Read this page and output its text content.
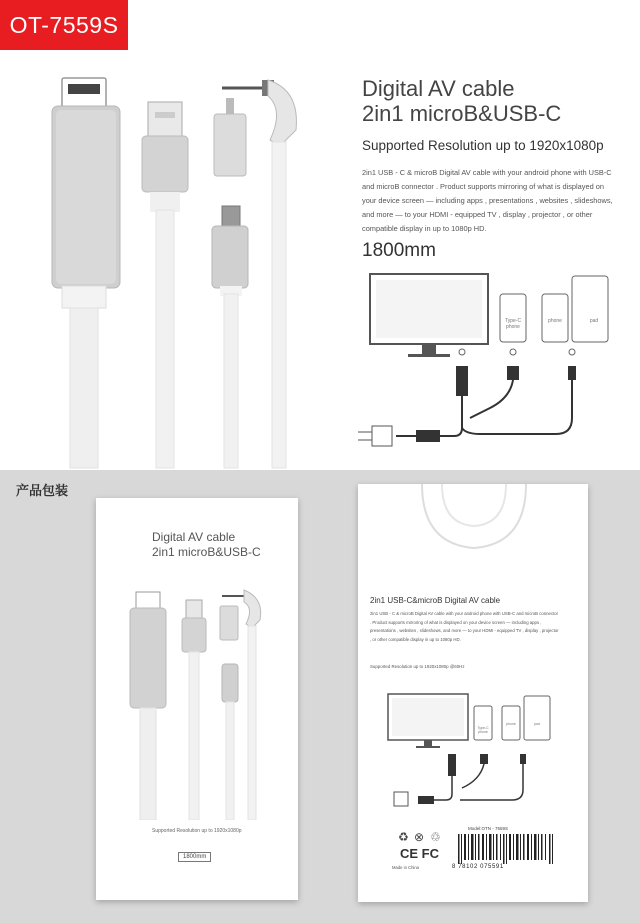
OT-7559S
Digital AV cable
2in1 microB&USB-C
Supported Resolution up to 1920x1080p
2in1 USB - C & microB Digital AV cable with your android phone with USB-C and microB connector . Product supports mirroring of what is displayed on your device screen — including apps , presentations , websites , slideshows, and more — to your HDMI - equipped TV , display , projector , or other compatible display in up to 1080p HD.
1800mm
Type-C phone
phone	pad
产品包装
Digital AV cable
2in1 microB&USB-C
Supported Resolution up to 1920x1080p
1800mm
2in1 USB-C&microB Digital AV cable
2in1 USB - C & microB Digital AV cable with your android phone with USB-C and microB connector . Product supports mirroring of what is displayed on your device screen — including apps , presentations , websites , slideshows, and more — to your HDMI - equipped TV , display , projector , or other compatible display in up to 1080p HD.
Supported Resolution up to 1920x1080p @60Hz
Type-C phone
phone	pad
♻ ⊗ ♲
CE FC
Made in China
Model:OTN - 7559S
8 78102 075591
